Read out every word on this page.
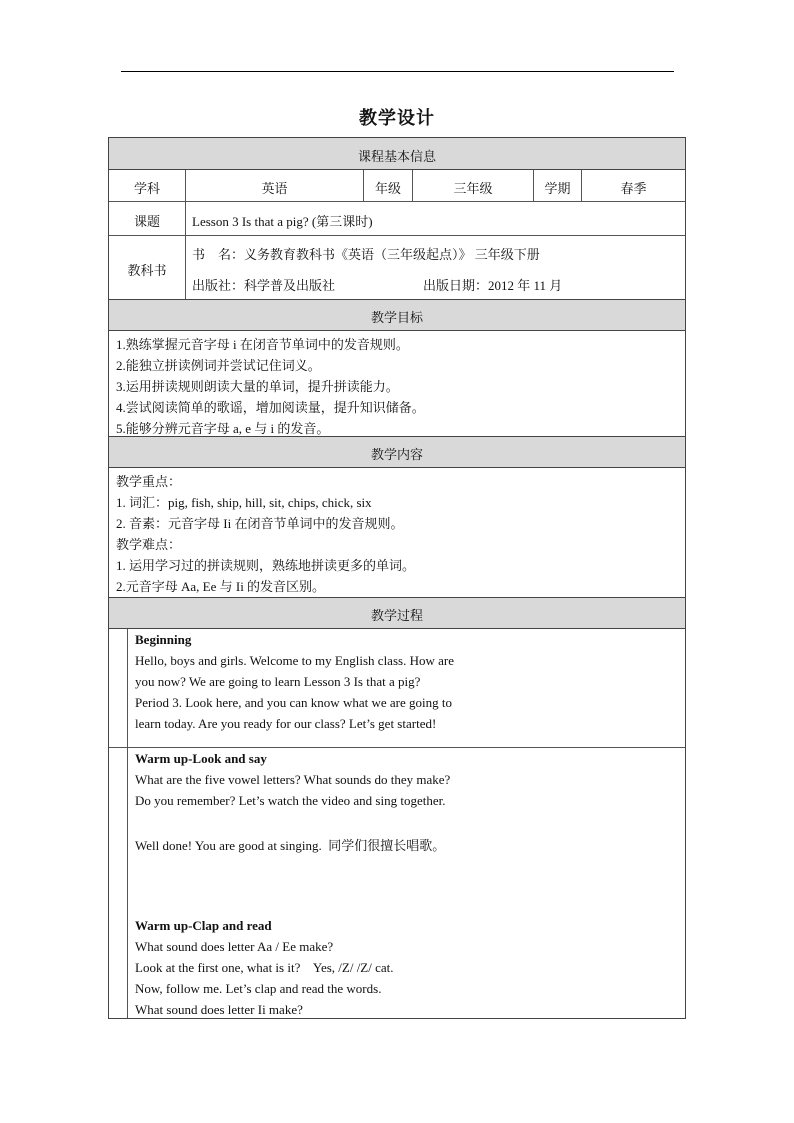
教学设计
课程基本信息
学科	英语	年级	三年级	学期	春季
课题	Lesson 3 Is that a pig? (第三课时)
教科书
书    名：义务教育教科书《英语（三年级起点）》 三年级下册
出版社：科学普及出版社	出版日期：2012 年 11 月
教学目标
1.熟练掌握元音字母 i 在闭音节单词中的发音规则。
2.能独立拼读例词并尝试记住词义。
3.运用拼读规则朗读大量的单词，提升拼读能力。
4.尝试阅读简单的歌谣，增加阅读量，提升知识储备。
5.能够分辨元音字母 a, e 与 i 的发音。
教学内容
教学重点：
1. 词汇：pig, fish, ship, hill, sit, chips, chick, six
2. 音素：元音字母 Ii 在闭音节单词中的发音规则。
教学难点：
1. 运用学习过的拼读规则，熟练地拼读更多的单词。
2.元音字母 Aa, Ee 与 Ii 的发音区别。
教学过程
Beginning
Hello, boys and girls. Welcome to my English class. How are
you now? We are going to learn Lesson 3 Is that a pig?
Period 3. Look here, and you can know what we are going to
learn today. Are you ready for our class? Let’s get started!
Warm up-Look and say
What are the five vowel letters? What sounds do they make?
Do you remember? Let’s watch the video and sing together.
Well done! You are good at singing.  同学们很擅长唱歌。
Warm up-Clap and read
What sound does letter Aa / Ee make?
Look at the first one, what is it?    Yes, /Z/ /Z/ cat.
Now, follow me. Let’s clap and read the words.
What sound does letter Ii make?
